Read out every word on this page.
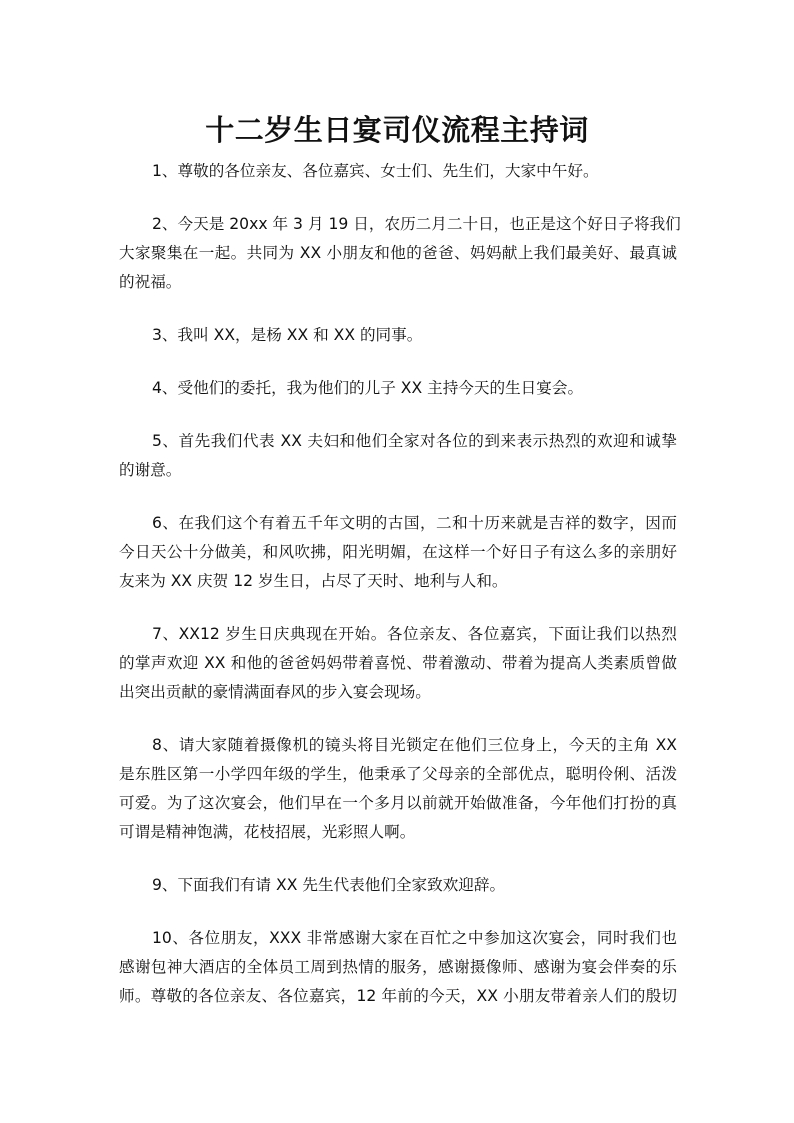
十二岁生日宴司仪流程主持词

1、尊敬的各位亲友、各位嘉宾、女士们、先生们，大家中午好。

2、今天是 20xx 年 3 月 19 日，农历二月二十日，也正是这个好日子将我们
大家聚集在一起。共同为 XX 小朋友和他的爸爸、妈妈献上我们最美好、最真诚
的祝福。

3、我叫 XX，是杨 XX 和 XX 的同事。

4、受他们的委托，我为他们的儿子 XX 主持今天的生日宴会。

5、首先我们代表 XX 夫妇和他们全家对各位的到来表示热烈的欢迎和诚挚
的谢意。

6、在我们这个有着五千年文明的古国，二和十历来就是吉祥的数字，因而
今日天公十分做美，和风吹拂，阳光明媚，在这样一个好日子有这么多的亲朋好
友来为 XX 庆贺 12 岁生日，占尽了天时、地利与人和。

7、XX12 岁生日庆典现在开始。各位亲友、各位嘉宾，下面让我们以热烈
的掌声欢迎 XX 和他的爸爸妈妈带着喜悦、带着激动、带着为提高人类素质曾做
出突出贡献的豪情满面春风的步入宴会现场。

8、请大家随着摄像机的镜头将目光锁定在他们三位身上，今天的主角 XX
是东胜区第一小学四年级的学生，他秉承了父母亲的全部优点，聪明伶俐、活泼
可爱。为了这次宴会，他们早在一个多月以前就开始做准备，今年他们打扮的真
可谓是精神饱满，花枝招展，光彩照人啊。

9、下面我们有请 XX 先生代表他们全家致欢迎辞。

10、各位朋友，XXX 非常感谢大家在百忙之中参加这次宴会，同时我们也
感谢包神大酒店的全体员工周到热情的服务，感谢摄像师、感谢为宴会伴奏的乐
师。尊敬的各位亲友、各位嘉宾，12 年前的今天，XX 小朋友带着亲人们的殷切
